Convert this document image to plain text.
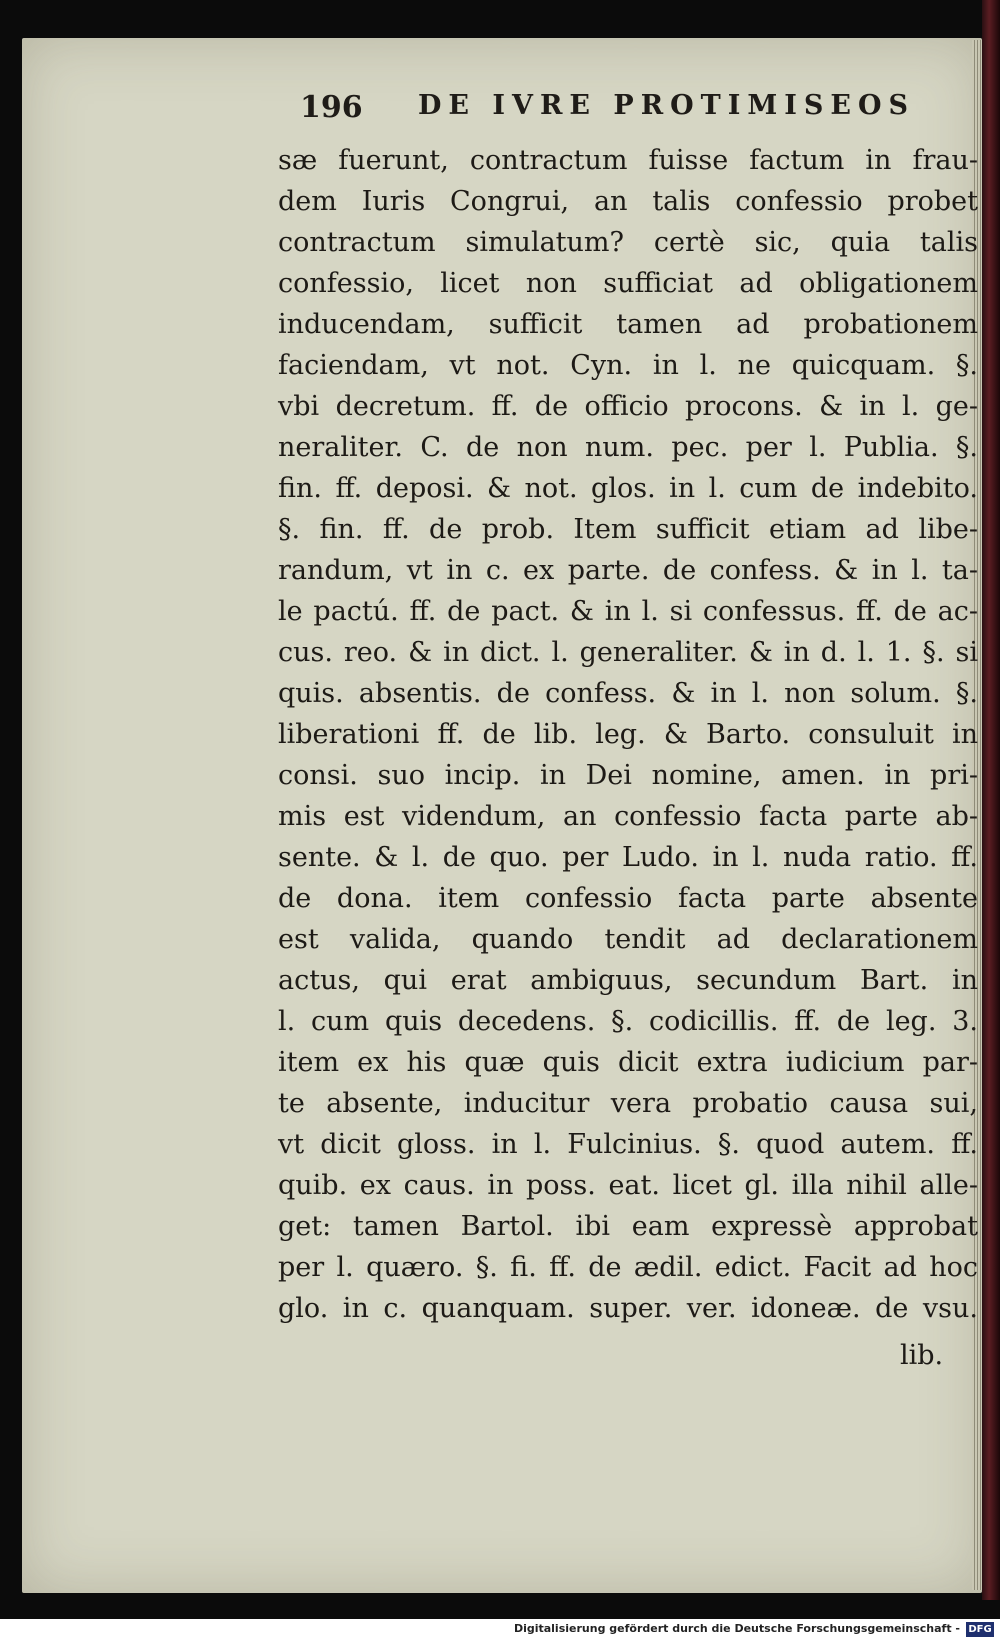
196 DE IVRE PROTIMISEOS
sæ fuerunt, contractum fuisse factum in frau-
dem Iuris Congrui, an talis confessio probet
contractum simulatum? certè sic, quia talis
confessio, licet non sufficiat ad obligationem
inducendam, sufficit tamen ad probationem
faciendam, vt not. Cyn. in l. ne quicquam. §.
vbi decretum. ff. de officio procons. & in l. ge-
neraliter. C. de non num. pec. per l. Publia. §.
fin. ff. deposi. & not. glos. in l. cum de indebito.
§. fin. ff. de prob. Item sufficit etiam ad libe-
randum, vt in c. ex parte. de confess. & in l. ta-
le pactú. ff. de pact. & in l. si confessus. ff. de ac-
cus. reo. & in dict. l. generaliter. & in d. l. 1. §. si
quis. absentis. de confess. & in l. non solum. §.
liberationi ff. de lib. leg. & Barto. consuluit in
consi. suo incip. in Dei nomine, amen. in pri-
mis est videndum, an confessio facta parte ab-
sente. & l. de quo. per Ludo. in l. nuda ratio. ff.
de dona. item confessio facta parte absente
est valida, quando tendit ad declarationem
actus, qui erat ambiguus, secundum Bart. in
l. cum quis decedens. §. codicillis. ff. de leg. 3.
item ex his quæ quis dicit extra iudicium par-
te absente, inducitur vera probatio causa sui,
vt dicit gloss. in l. Fulcinius. §. quod autem. ff.
quib. ex caus. in poss. eat. licet gl. illa nihil alle-
get: tamen Bartol. ibi eam expressè approbat
per l. quæro. §. fi. ff. de ædil. edict. Facit ad hoc
glo. in c. quanquam. super. ver. idoneæ. de vsu.
lib.
Digitalisierung gefördert durch die Deutsche Forschungsgemeinschaft - DFG
